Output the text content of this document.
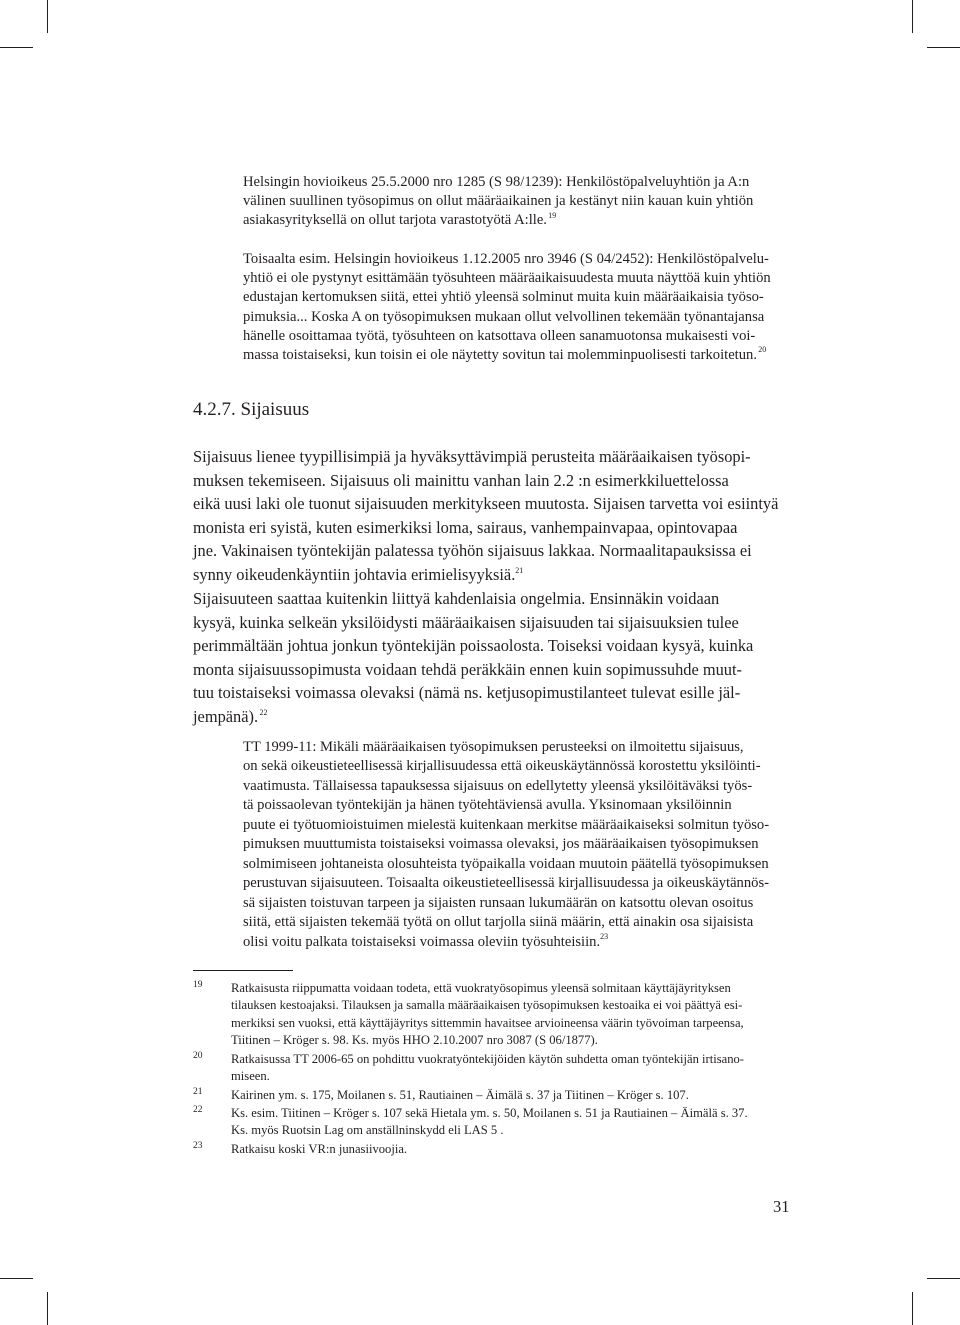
Helsingin hovioikeus 25.5.2000 nro 1285 (S 98/1239): Henkilöstöpalveluyhtiön ja A:n
välinen suullinen työsopimus on ollut määräaikainen ja kestänyt niin kauan kuin yhtiön
asiakasyrityksellä on ollut tarjota varastotyötä A:lle. $^{19}$
Toisaalta esim. Helsingin hovioikeus 1.12.2005 nro 3946 (S 04/2452): Henkilöstöpalvelu-
yhtiö ei ole pystynyt esittämään työsuhteen määräaikaisuudesta muuta näyttöä kuin yhtiön
edustajan kertomuksen siitä, ettei yhtiö yleensä solminut muita kuin määräaikaisia työso-
pimuksia... Koska A on työsopimuksen mukaan ollut velvollinen tekemään työnantajansa
hänelle osoittamaa työtä, työsuhteen on katsottava olleen sanamuotonsa mukaisesti voi-
massa toistaiseksi, kun toisin ei ole näytetty sovitun tai molemminpuolisesti tarkoitetun. $^{20}$
4.2.7. Sijaisuus
Sijaisuus lienee tyypillisimpiä ja hyväksyttävimpiä perusteita määräaikaisen työsopi-
muksen tekemiseen. Sijaisuus oli mainittu vanhan lain 2.2 :n esimerkkiluettelossa
eikä uusi laki ole tuonut sijaisuuden merkitykseen muutosta. Sijaisen tarvetta voi esiintyä
monista eri syistä, kuten esimerkiksi loma, sairaus, vanhempainvapaa, opintovapaa
jne. Vakinaisen työntekijän palatessa työhön sijaisuus lakkaa. Normaalitapauksissa ei
synny oikeudenkäyntiin johtavia erimielisyyksiä.$^{21}$
Sijaisuuteen saattaa kuitenkin liittyä kahdenlaisia ongelmia. Ensinnäkin voidaan
kysyä, kuinka selkeän yksilöidysti määräaikaisen sijaisuuden tai sijaisuuksien tulee
perimmältään johtua jonkun työntekijän poissaolosta. Toiseksi voidaan kysyä, kuinka
monta sijaisuussopimusta voidaan tehdä peräkkäin ennen kuin sopimussuhde muut-
tuu toistaiseksi voimassa olevaksi (nämä ns. ketjusopimustilanteet tulevat esille jäl-
jempänä). $^{22}$
TT 1999-11: Mikäli määräaikaisen työsopimuksen perusteeksi on ilmoitettu sijaisuus,
on sekä oikeustieteellisessä kirjallisuudessa että oikeuskäytännössä korostettu yksilöinti-
vaatimusta. Tällaisessa tapauksessa sijaisuus on edellytetty yleensä yksilöitäväksi työs-
tä poissaolevan työntekijän ja hänen työtehtäviensä avulla. Yksinomaan yksilöinnin
puute ei työtuomioistuimen mielestä kuitenkaan merkitse määräaikaiseksi solmitun työso-
pimuksen muuttumista toistaiseksi voimassa olevaksi, jos määräaikaisen työsopimuksen
solmimiseen johtaneista olosuhteista työpaikalla voidaan muutoin päätellä työsopimuksen
perustuvan sijaisuuteen. Toisaalta oikeustieteellisessä kirjallisuudessa ja oikeuskäytännös-
sä sijaisten toistuvan tarpeen ja sijaisten runsaan lukumäärän on katsottu olevan osoitus
siitä, että sijaisten tekemää työtä on ollut tarjolla siinä määrin, että ainakin osa sijaisista
olisi voitu palkata toistaiseksi voimassa oleviin työsuhteisiin.$^{23}$
19 Ratkaisusta riippumatta voidaan todeta, että vuokratyösopimus yleensä solmitaan käyttäjäyrityksen
tilauksen kestoajaksi. Tilauksen ja samalla määräaikaisen työsopimuksen kestoaika ei voi päättyä esi-
merkiksi sen vuoksi, että käyttäjäyritys sittemmin havaitsee arvioineensa väärin työvoiman tarpeensa,
Tiitinen – Kröger s. 98. Ks. myös HHO 2.10.2007 nro 3087 (S 06/1877).
20 Ratkaisussa TT 2006-65 on pohdittu vuokratyöntekijöiden käytön suhdetta oman työntekijän irtisano-
miseen.
21 Kairinen ym. s. 175, Moilanen s. 51, Rautiainen – Äimälä s. 37 ja Tiitinen – Kröger s. 107.
22 Ks. esim. Tiitinen – Kröger s. 107 sekä Hietala ym. s. 50, Moilanen s. 51 ja Rautiainen – Äimälä s. 37.
Ks. myös Ruotsin Lag om anställninskydd eli LAS 5 .
23 Ratkaisu koski VR:n junasiivoojia.
31
